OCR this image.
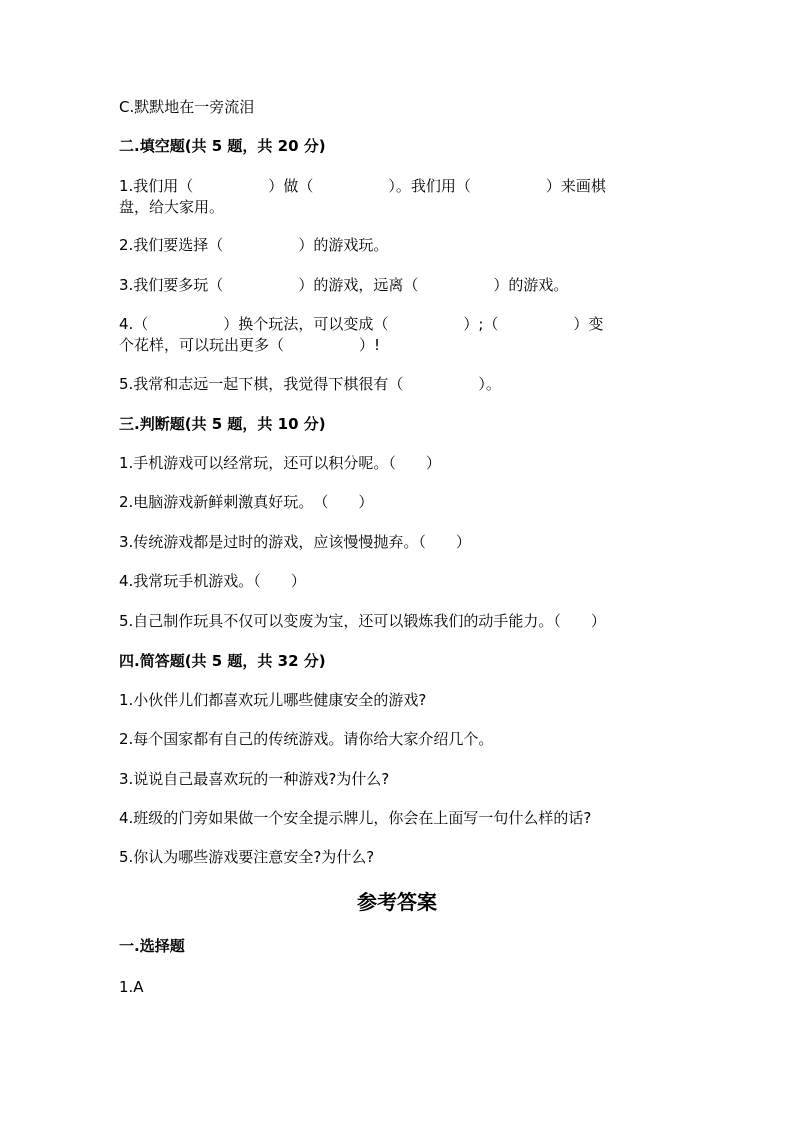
C.默默地在一旁流泪

二.填空题(共 5 题，共 20 分)

1.我们用（　　　　　）做（　　　　　）。我们用（　　　　　）来画棋

盘，给大家用。

2.我们要选择（　　　　　）的游戏玩。

3.我们要多玩（　　　　　）的游戏，远离（　　　　　）的游戏。

4.（　　　　　）换个玩法，可以变成（　　　　　）;（　　　　　）变

个花样，可以玩出更多（　　　　　）!

5.我常和志远一起下棋，我觉得下棋很有（　　　　　）。

三.判断题(共 5 题，共 10 分)

1.手机游戏可以经常玩，还可以积分呢。（　　）

2.电脑游戏新鲜刺激真好玩。　（　　）

3.传统游戏都是过时的游戏，应该慢慢抛弃。（　　）

4.我常玩手机游戏。（　　）

5.自己制作玩具不仅可以变废为宝，还可以锻炼我们的动手能力。（　　）

四.简答题(共 5 题，共 32 分)

1.小伙伴儿们都喜欢玩儿哪些健康安全的游戏?

2.每个国家都有自己的传统游戏。请你给大家介绍几个。

3.说说自己最喜欢玩的一种游戏?为什么?

4.班级的门旁如果做一个安全提示牌儿，你会在上面写一句什么样的话?

5.你认为哪些游戏要注意安全?为什么?

参考答案

一.选择题

1.A
